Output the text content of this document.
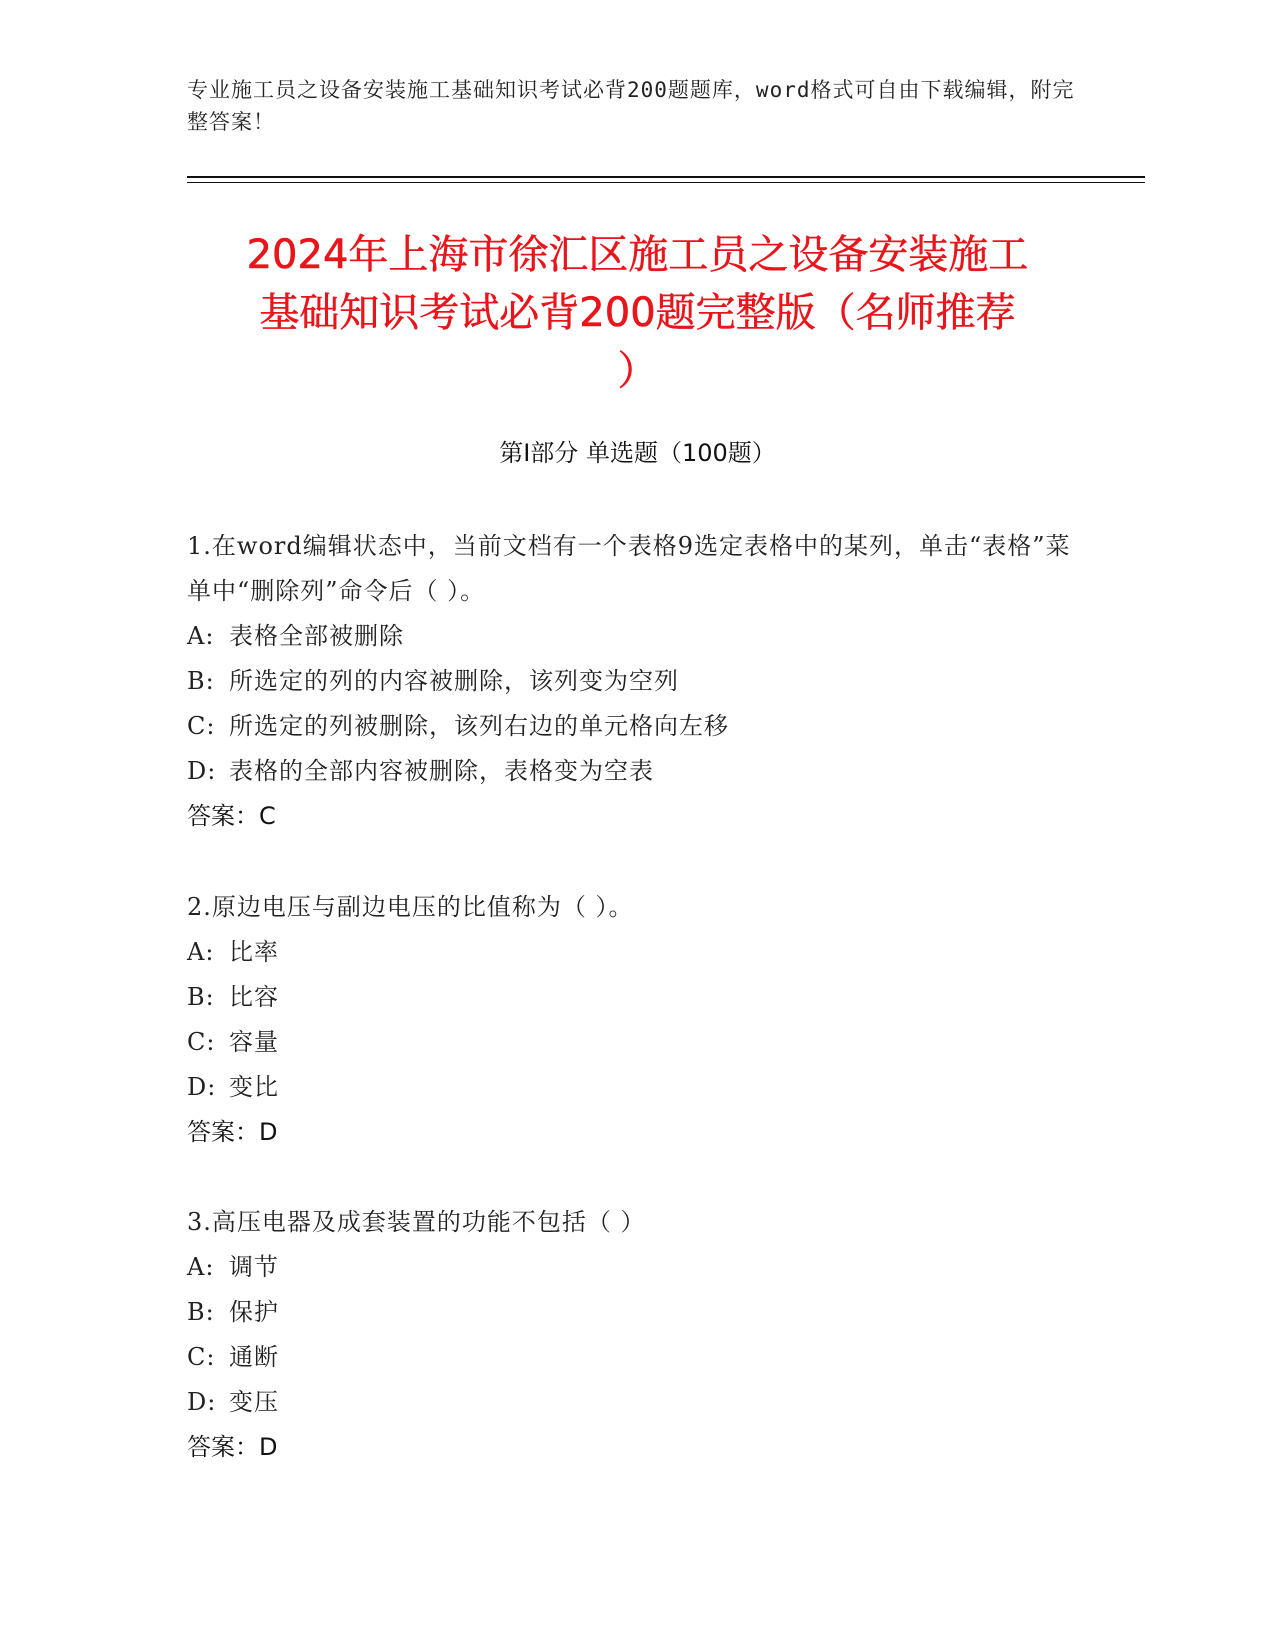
专业施工员之设备安装施工基础知识考试必背200题题库，word格式可自由下载编辑，附完整答案！
2024年上海市徐汇区施工员之设备安装施工
基础知识考试必背200题完整版（名师推荐
）
第Ⅰ部分 单选题（100题）
1.在word编辑状态中，当前文档有一个表格9选定表格中的某列，单击“表格”菜单中“删除列”命令后（ ）。
A: 表格全部被删除
B: 所选定的列的内容被删除，该列变为空列
C: 所选定的列被删除，该列右边的单元格向左移
D: 表格的全部内容被删除，表格变为空表
答案：C
2.原边电压与副边电压的比值称为（ ）。
A: 比率
B: 比容
C: 容量
D: 变比
答案：D
3.高压电器及成套装置的功能不包括（ ）
A: 调节
B: 保护
C: 通断
D: 变压
答案：D
